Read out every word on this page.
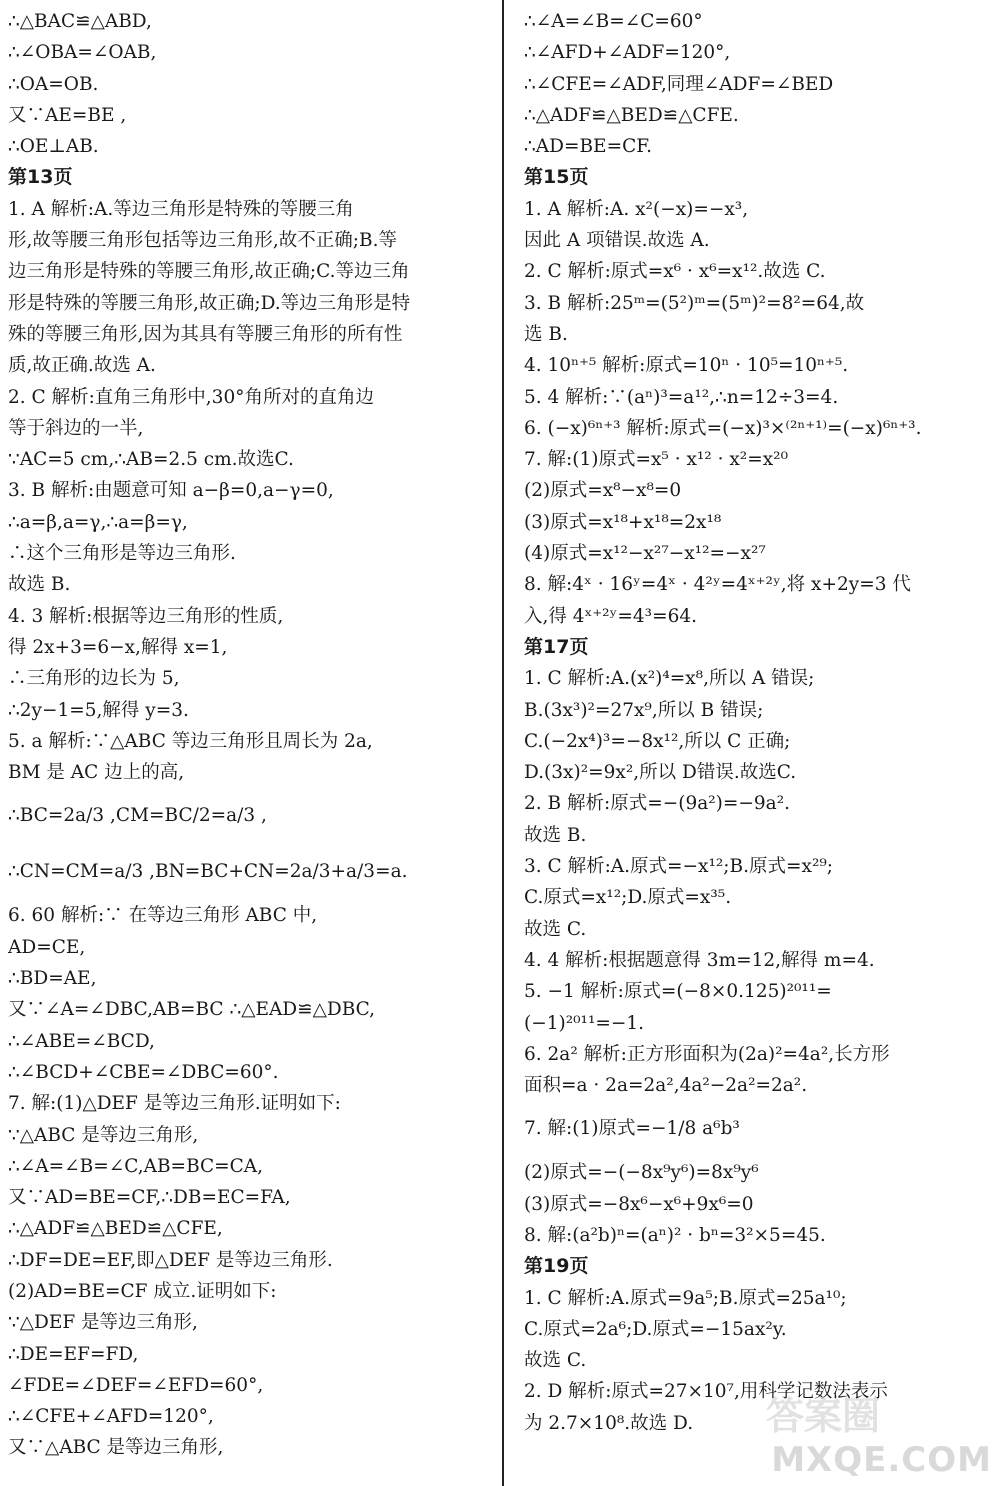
∴△BAC≌△ABD,
∴∠OBA=∠OAB,
∴OA=OB.
又∵AE=BE ,
∴OE⊥AB.
第13页
1. A 解析:A.等边三角形是特殊的等腰三角
形,故等腰三角形包括等边三角形,故不正确;B.等
边三角形是特殊的等腰三角形,故正确;C.等边三角
形是特殊的等腰三角形,故正确;D.等边三角形是特
殊的等腰三角形,因为其具有等腰三角形的所有性
质,故正确.故选 A.
2. C 解析:直角三角形中,30°角所对的直角边
等于斜边的一半,
∵AC=5 cm,∴AB=2.5 cm.故选C.
3. B 解析:由题意可知 a−β=0,a−γ=0,
∴a=β,a=γ,∴a=β=γ,
∴这个三角形是等边三角形.
故选 B.
4. 3 解析:根据等边三角形的性质,
得 2x+3=6−x,解得 x=1,
∴三角形的边长为 5,
∴2y−1=5,解得 y=3.
5. a 解析:∵△ABC 等边三角形且周长为 2a,
BM 是 AC 边上的高,
∴BC=2a/3 ,CM=BC/2=a/3 ,
∴CN=CM=a/3 ,BN=BC+CN=2a/3+a/3=a.
6. 60 解析:∵ 在等边三角形 ABC 中,
AD=CE,
∴BD=AE,
又∵∠A=∠DBC,AB=BC ∴△EAD≌△DBC,
∴∠ABE=∠BCD,
∴∠BCD+∠CBE=∠DBC=60°.
7. 解:(1)△DEF 是等边三角形.证明如下:
∵△ABC 是等边三角形,
∴∠A=∠B=∠C,AB=BC=CA,
又∵AD=BE=CF,∴DB=EC=FA,
∴△ADF≌△BED≌△CFE,
∴DF=DE=EF,即△DEF 是等边三角形.
(2)AD=BE=CF 成立.证明如下:
∵△DEF 是等边三角形,
∴DE=EF=FD,
∠FDE=∠DEF=∠EFD=60°,
∴∠CFE+∠AFD=120°,
又∵△ABC 是等边三角形,
∴∠A=∠B=∠C=60°
∴∠AFD+∠ADF=120°,
∴∠CFE=∠ADF,同理∠ADF=∠BED
∴△ADF≌△BED≌△CFE.
∴AD=BE=CF.
第15页
1. A 解析:A. x²(−x)=−x³,
因此 A 项错误.故选 A.
2. C 解析:原式=x⁶ · x⁶=x¹².故选 C.
3. B 解析:25ᵐ=(5²)ᵐ=(5ᵐ)²=8²=64,故
选 B.
4. 10ⁿ⁺⁵ 解析:原式=10ⁿ · 10⁵=10ⁿ⁺⁵.
5. 4 解析:∵(aⁿ)³=a¹²,∴n=12÷3=4.
6. (−x)⁶ⁿ⁺³ 解析:原式=(−x)³×⁽²ⁿ⁺¹⁾=(−x)⁶ⁿ⁺³.
7. 解:(1)原式=x⁵ · x¹² · x²=x²⁰
(2)原式=x⁸−x⁸=0
(3)原式=x¹⁸+x¹⁸=2x¹⁸
(4)原式=x¹²−x²⁷−x¹²=−x²⁷
8. 解:4ˣ · 16ʸ=4ˣ · 4²ʸ=4ˣ⁺²ʸ,将 x+2y=3 代
入,得 4ˣ⁺²ʸ=4³=64.
第17页
1. C 解析:A.(x²)⁴=x⁸,所以 A 错误;
B.(3x³)²=27x⁹,所以 B 错误;
C.(−2x⁴)³=−8x¹²,所以 C 正确;
D.(3x)²=9x²,所以 D错误.故选C.
2. B 解析:原式=−(9a²)=−9a².
故选 B.
3. C 解析:A.原式=−x¹²;B.原式=x²⁹;
C.原式=x¹²;D.原式=x³⁵.
故选 C.
4. 4 解析:根据题意得 3m=12,解得 m=4.
5. −1 解析:原式=(−8×0.125)²⁰¹¹=
(−1)²⁰¹¹=−1.
6. 2a² 解析:正方形面积为(2a)²=4a²,长方形
面积=a · 2a=2a²,4a²−2a²=2a².
7. 解:(1)原式=−1/8 a⁶b³
(2)原式=−(−8x⁹y⁶)=8x⁹y⁶
(3)原式=−8x⁶−x⁶+9x⁶=0
8. 解:(a²b)ⁿ=(aⁿ)² · bⁿ=3²×5=45.
第19页
1. C 解析:A.原式=9a⁵;B.原式=25a¹⁰;
C.原式=2a⁶;D.原式=−15ax²y.
故选 C.
2. D 解析:原式=27×10⁷,用科学记数法表示
为 2.7×10⁸.故选 D.	答案圈
MXQE.COM
